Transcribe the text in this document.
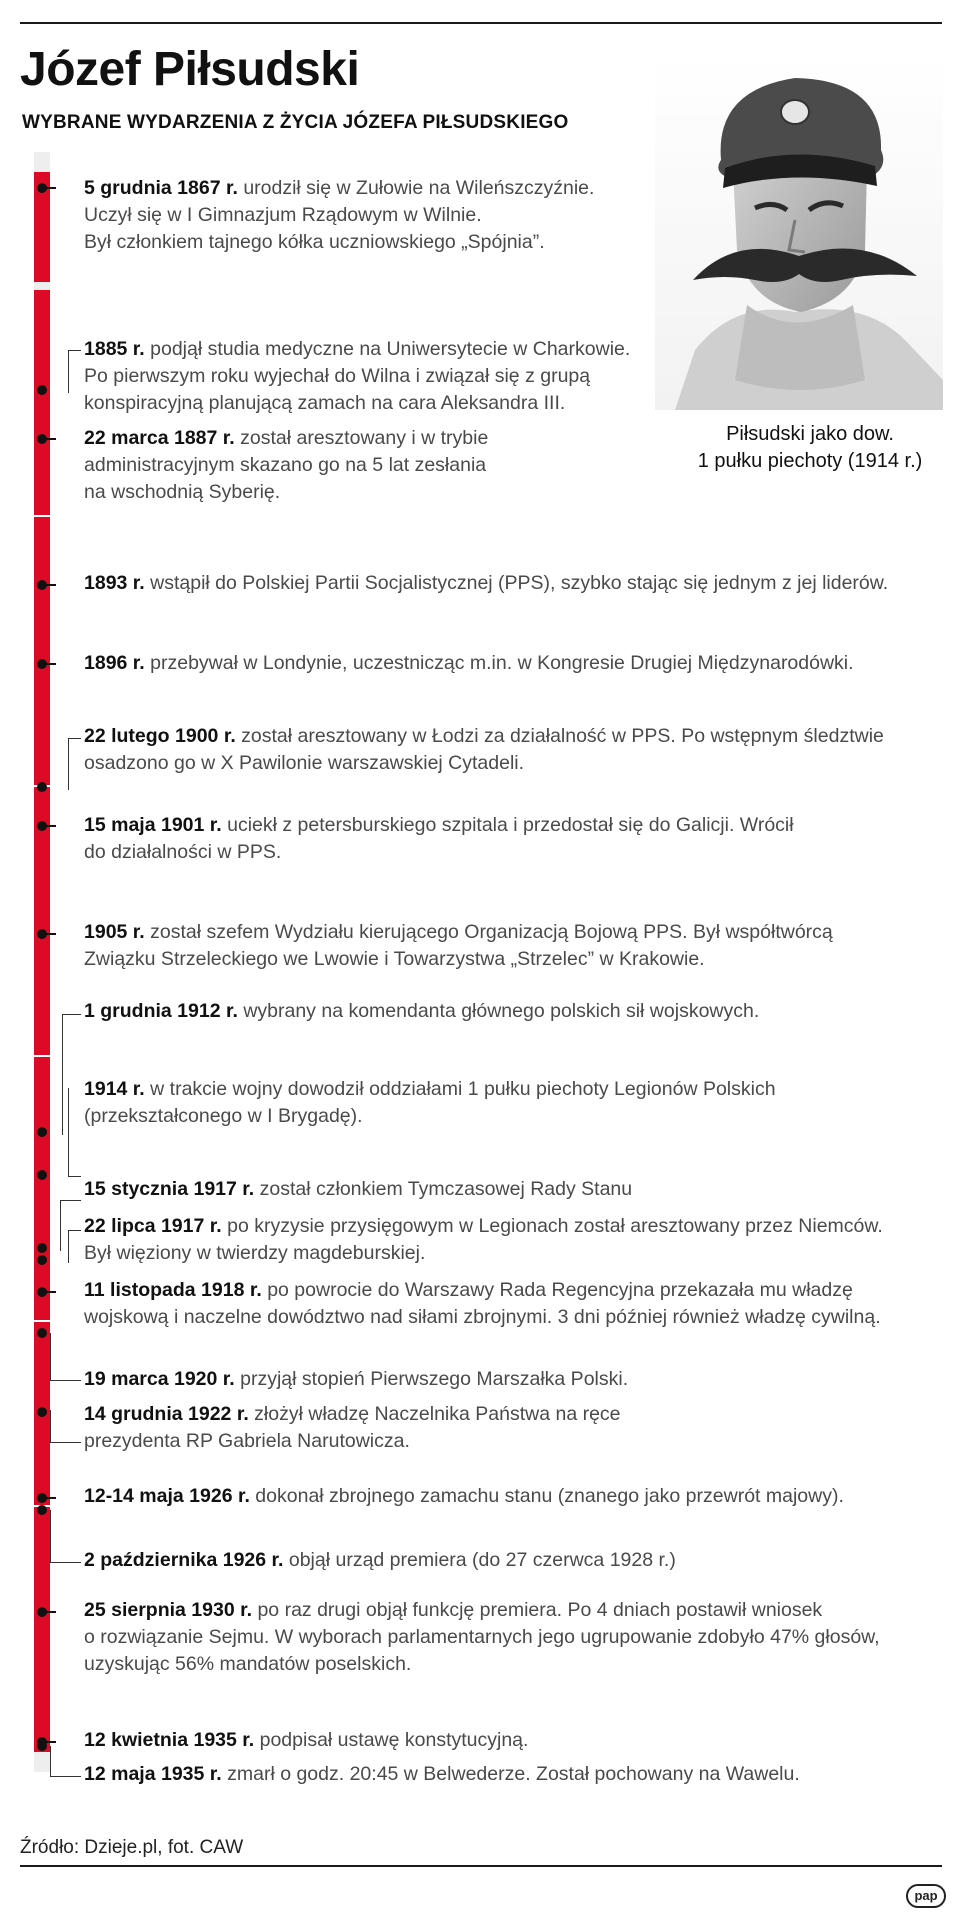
Józef Piłsudski
WYBRANE WYDARZENIA Z ŻYCIA JÓZEFA PIŁSUDSKIEGO

5 grudnia 1867 r. urodził się w Zułowie na Wileńszczyźnie.
Uczył się w I Gimnazjum Rządowym w Wilnie.
Był członkiem tajnego kółka uczniowskiego „Spójnia”.

1885 r. podjął studia medyczne na Uniwersytecie w Charkowie.
Po pierwszym roku wyjechał do Wilna i związał się z grupą
konspiracyjną planującą zamach na cara Aleksandra III.

22 marca 1887 r. został aresztowany i w trybie
administracyjnym skazano go na 5 lat zesłania
na wschodnią Syberię.

1893 r. wstąpił do Polskiej Partii Socjalistycznej (PPS), szybko stając się jednym z jej liderów.

1896 r. przebywał w Londynie, uczestnicząc m.in. w Kongresie Drugiej Międzynarodówki.

22 lutego 1900 r. został aresztowany w Łodzi za działalność w PPS. Po wstępnym śledztwie
osadzono go w X Pawilonie warszawskiej Cytadeli.

15 maja 1901 r. uciekł z petersburskiego szpitala i przedostał się do Galicji. Wrócił
do działalności w PPS.

1905 r. został szefem Wydziału kierującego Organizacją Bojową PPS. Był współtwórcą
Związku Strzeleckiego we Lwowie i Towarzystwa „Strzelec” w Krakowie.

1 grudnia 1912 r. wybrany na komendanta głównego polskich sił wojskowych.

1914 r. w trakcie wojny dowodził oddziałami 1 pułku piechoty Legionów Polskich
(przekształconego w I Brygadę).

15 stycznia 1917 r. został członkiem Tymczasowej Rady Stanu

22 lipca 1917 r. po kryzysie przysięgowym w Legionach został aresztowany przez Niemców.
Był więziony w twierdzy magdeburskiej.

11 listopada 1918 r. po powrocie do Warszawy Rada Regencyjna przekazała mu władzę
wojskową i naczelne dowództwo nad siłami zbrojnymi. 3 dni później również władzę cywilną.

19 marca 1920 r. przyjął stopień Pierwszego Marszałka Polski.

14 grudnia 1922 r. złożył władzę Naczelnika Państwa na ręce
prezydenta RP Gabriela Narutowicza.

12-14 maja 1926 r. dokonał zbrojnego zamachu stanu (znanego jako przewrót majowy).

2 października 1926 r. objął urząd premiera (do 27 czerwca 1928 r.)

25 sierpnia 1930 r. po raz drugi objął funkcję premiera. Po 4 dniach postawił wniosek
o rozwiązanie Sejmu. W wyborach parlamentarnych jego ugrupowanie zdobyło 47% głosów,
uzyskując 56% mandatów poselskich.

12 kwietnia 1935 r. podpisał ustawę konstytucyjną.

12 maja 1935 r. zmarł o godz. 20:45 w Belwederze. Został pochowany na Wawelu.

Piłsudski jako dow.
1 pułku piechoty (1914 r.)

Źródło: Dzieje.pl, fot. CAW

pap
